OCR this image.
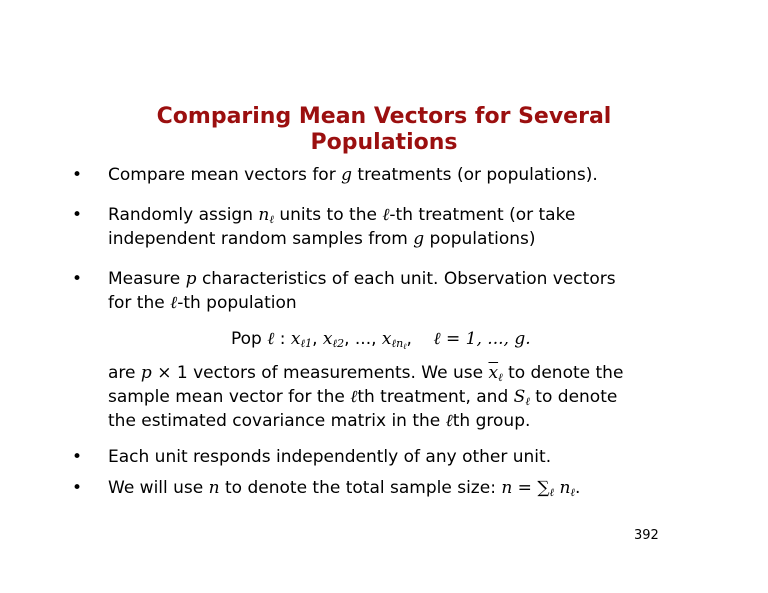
Comparing Mean Vectors for Several
Populations
• Compare mean vectors for g treatments (or populations).
• Randomly assign $n_\ell$ units to the ℓ-th treatment (or take
independent random samples from g populations)
• Measure p characteristics of each unit. Observation vectors
for the ℓ-th population
Pop ℓ : $x_{\ell 1}$, $x_{\ell 2}$, ..., $x_{\ell n\ell}$,    ℓ = 1, ..., g.
are p × 1 vectors of measurements. We use $\overline{x}_\ell$ to denote the
sample mean vector for the ℓth treatment, and $S_\ell$ to denote
the estimated covariance matrix in the ℓth group.
• Each unit responds independently of any other unit.
• We will use n to denote the total sample size: $n = \sum_\ell$ $n_\ell$.
392
